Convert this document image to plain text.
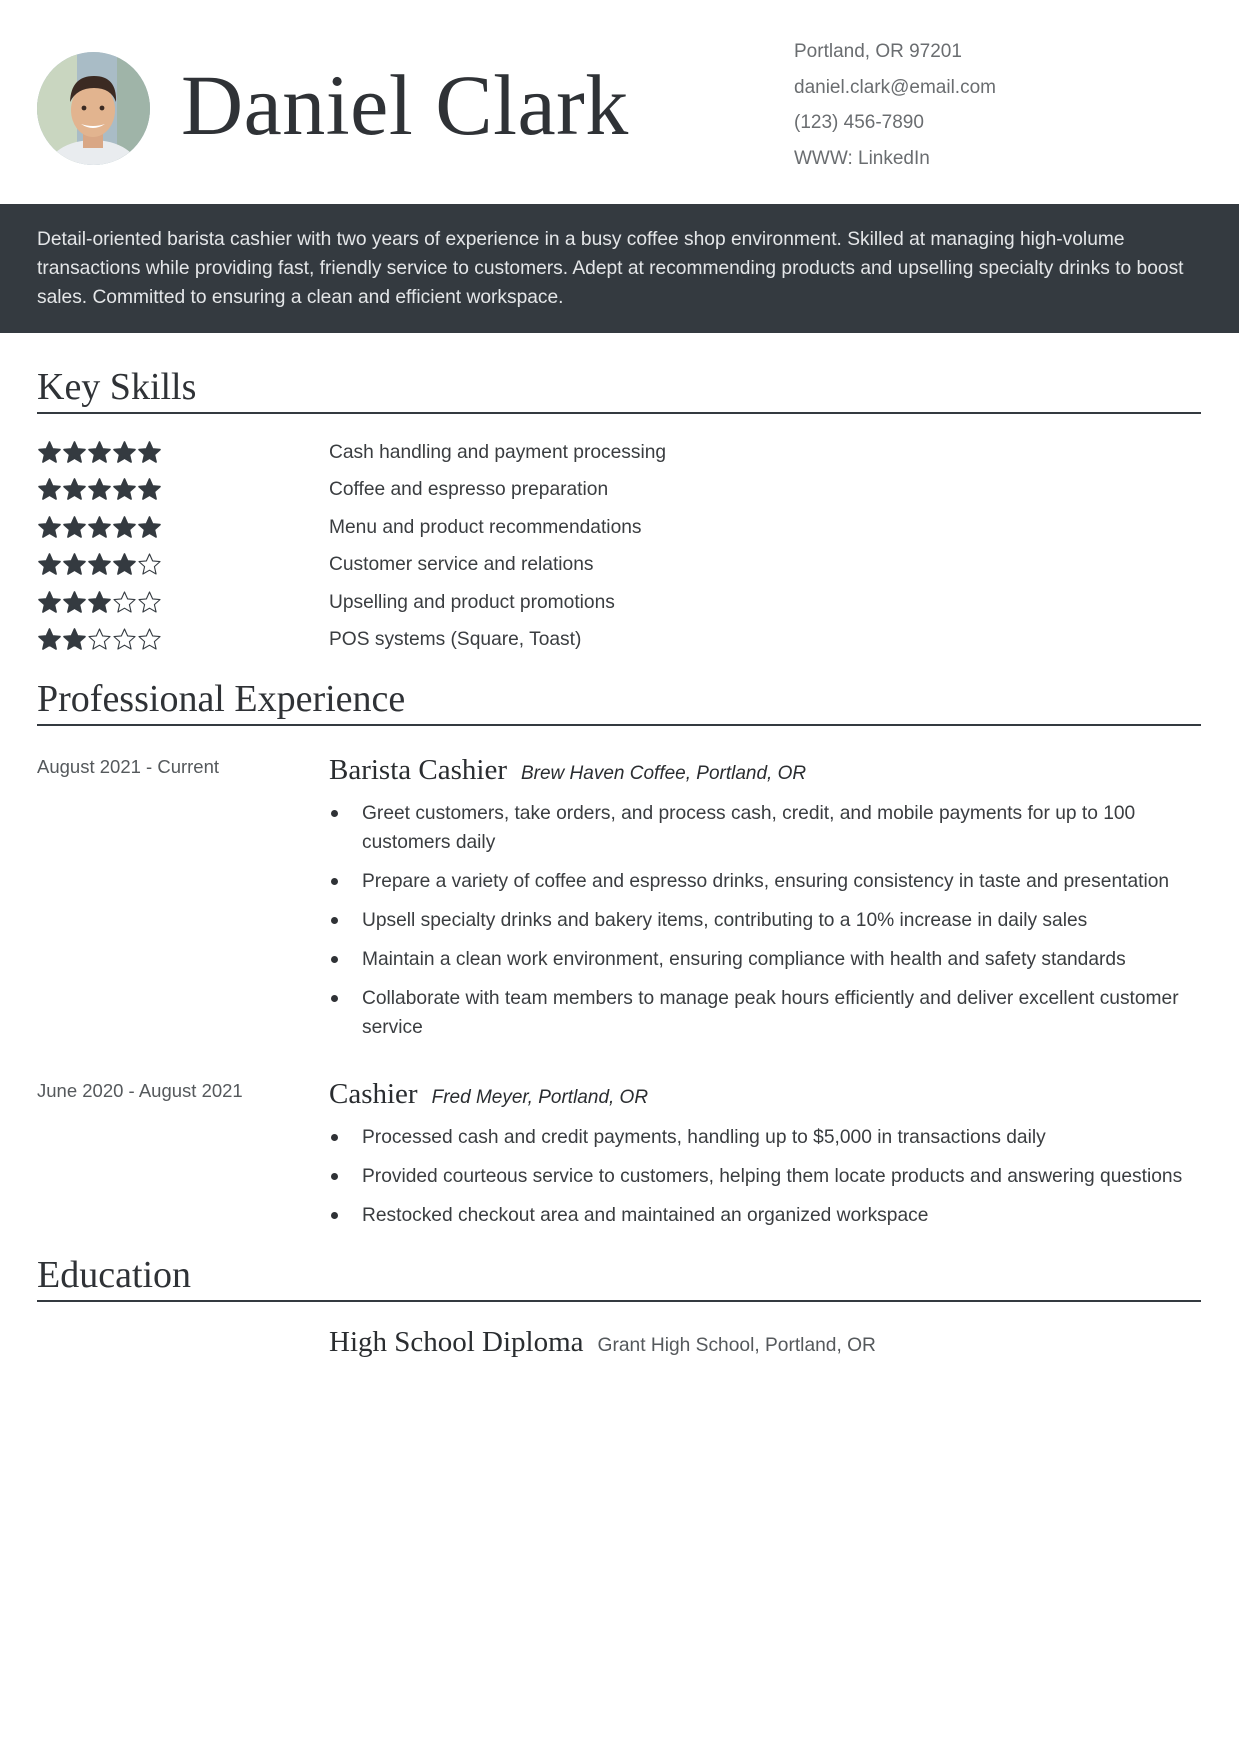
Daniel Clark
Portland, OR 97201
daniel.clark@email.com
(123) 456-7890
WWW: LinkedIn
Detail-oriented barista cashier with two years of experience in a busy coffee shop environment. Skilled at managing high-volume transactions while providing fast, friendly service to customers. Adept at recommending products and upselling specialty drinks to boost sales. Committed to ensuring a clean and efficient workspace.
Key Skills
Cash handling and payment processing
Coffee and espresso preparation
Menu and product recommendations
Customer service and relations
Upselling and product promotions
POS systems (Square, Toast)
Professional Experience
August 2021 - Current	Barista Cashier Brew Haven Coffee, Portland, OR
Greet customers, take orders, and process cash, credit, and mobile payments for up to 100 customers daily
Prepare a variety of coffee and espresso drinks, ensuring consistency in taste and presentation
Upsell specialty drinks and bakery items, contributing to a 10% increase in daily sales
Maintain a clean work environment, ensuring compliance with health and safety standards
Collaborate with team members to manage peak hours efficiently and deliver excellent customer service
June 2020 - August 2021	Cashier Fred Meyer, Portland, OR
Processed cash and credit payments, handling up to $5,000 in transactions daily
Provided courteous service to customers, helping them locate products and answering questions
Restocked checkout area and maintained an organized workspace
Education
High School Diploma Grant High School, Portland, OR
